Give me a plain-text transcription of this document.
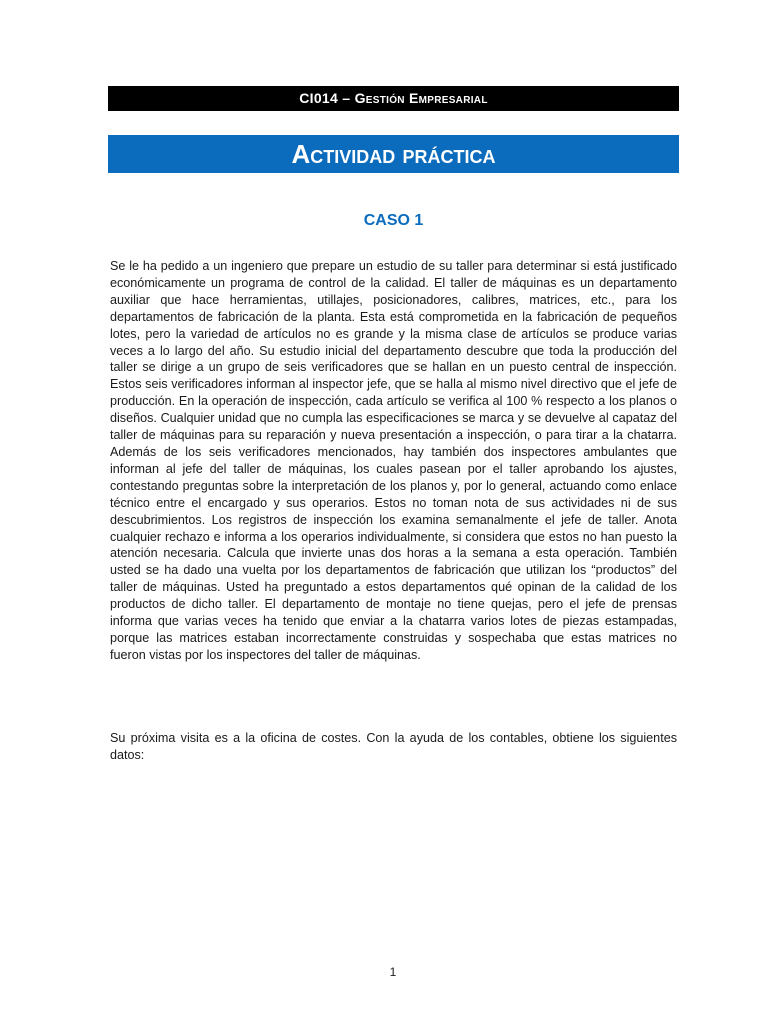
CI014 – Gestión Empresarial
Actividad práctica
CASO 1

Se le ha pedido a un ingeniero que prepare un estudio de su taller para determinar si está justificado económicamente un programa de control de la calidad. El taller de máquinas es un departamento auxiliar que hace herramientas, utillajes, posicionadores, calibres, matrices, etc., para los departamentos de fabricación de la planta. Esta está comprometida en la fabricación de pequeños lotes, pero la variedad de artículos no es grande y la misma clase de artículos se produce varias veces a lo largo del año. Su estudio inicial del departamento descubre que toda la producción del taller se dirige a un grupo de seis verificadores que se hallan en un puesto central de inspección. Estos seis verificadores informan al inspector jefe, que se halla al mismo nivel directivo que el jefe de producción. En la operación de inspección, cada artículo se verifica al 100 % respecto a los planos o diseños. Cualquier unidad que no cumpla las especificaciones se marca y se devuelve al capataz del taller de máquinas para su reparación y nueva presentación a inspección, o para tirar a la chatarra. Además de los seis verificadores mencionados, hay también dos inspectores ambulantes que informan al jefe del taller de máquinas, los cuales pasean por el taller aprobando los ajustes, contestando preguntas sobre la interpretación de los planos y, por lo general, actuando como enlace técnico entre el encargado y sus operarios. Estos no toman nota de sus actividades ni de sus descubrimientos. Los registros de inspección los examina semanalmente el jefe de taller. Anota cualquier rechazo e informa a los operarios individualmente, si considera que estos no han puesto la atención necesaria. Calcula que invierte unas dos horas a la semana a esta operación. También usted se ha dado una vuelta por los departamentos de fabricación que utilizan los “productos” del taller de máquinas. Usted ha preguntado a estos departamentos qué opinan de la calidad de los productos de dicho taller. El departamento de montaje no tiene quejas, pero el jefe de prensas informa que varias veces ha tenido que enviar a la chatarra varios lotes de piezas estampadas, porque las matrices estaban incorrectamente construidas y sospechaba que estas matrices no fueron vistas por los inspectores del taller de máquinas.

Su próxima visita es a la oficina de costes. Con la ayuda de los contables, obtiene los siguientes datos:

1
